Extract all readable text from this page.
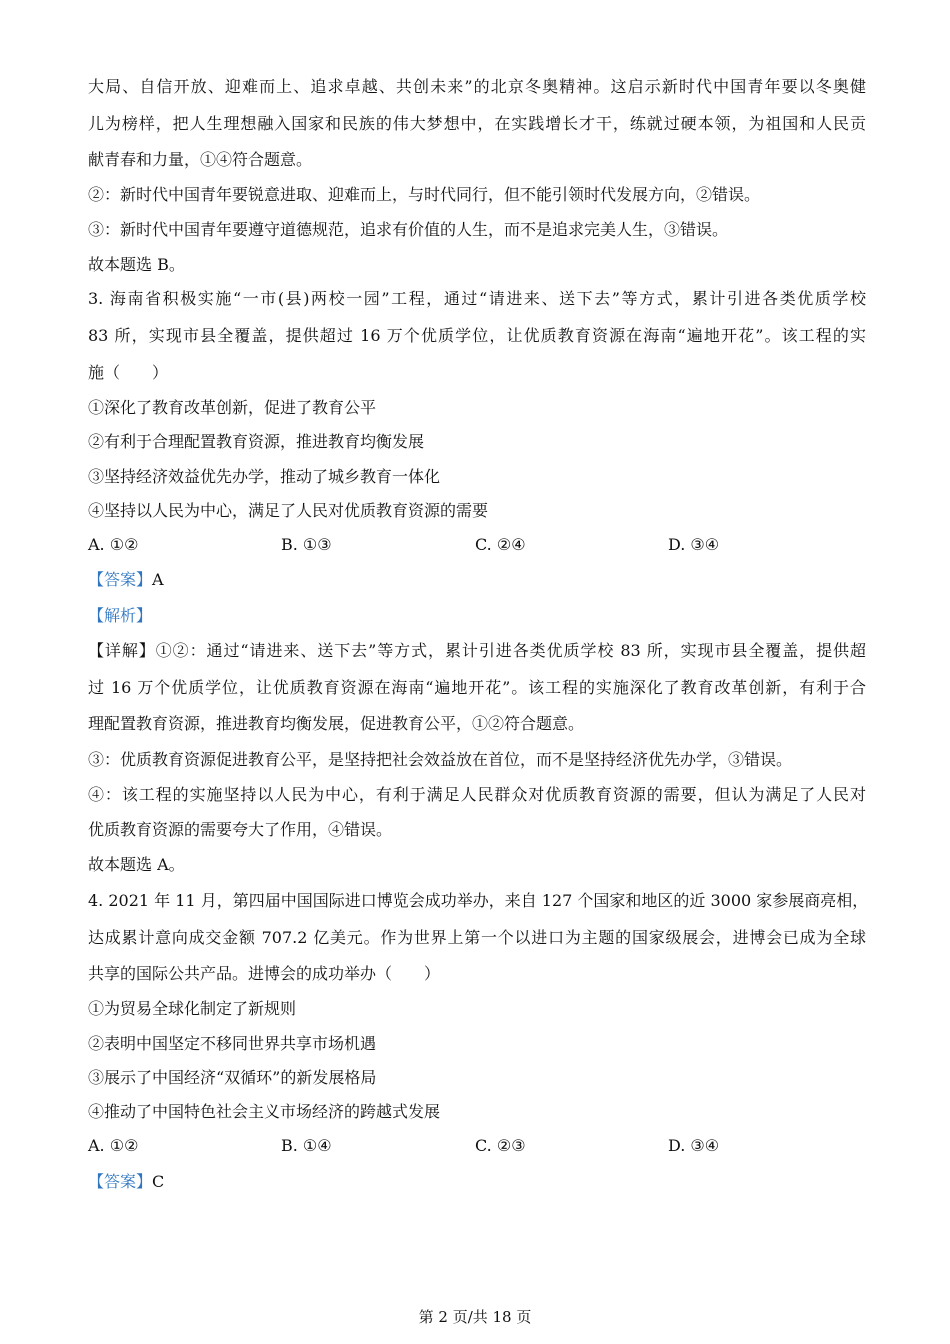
大局、自信开放、迎难而上、追求卓越、共创未来”的北京冬奥精神。这启示新时代中国青年要以冬奥健
儿为榜样，把人生理想融入国家和民族的伟大梦想中，在实践增长才干，练就过硬本领，为祖国和人民贡
献青春和力量，①④符合题意。
②：新时代中国青年要锐意进取、迎难而上，与时代同行，但不能引领时代发展方向，②错误。
③：新时代中国青年要遵守道德规范，追求有价值的人生，而不是追求完美人生，③错误。
故本题选 B。
3. 海南省积极实施“一市(县)两校一园”工程，通过“请进来、送下去”等方式，累计引进各类优质学校
83 所，实现市县全覆盖，提供超过 16 万个优质学位，让优质教育资源在海南“遍地开花”。该工程的实
施（　　）
①深化了教育改革创新，促进了教育公平
②有利于合理配置教育资源，推进教育均衡发展
③坚持经济效益优先办学，推动了城乡教育一体化
④坚持以人民为中心，满足了人民对优质教育资源的需要
A. ①②	B. ①③	C. ②④	D. ③④
【答案】A
【解析】
【详解】①②：通过“请进来、送下去”等方式，累计引进各类优质学校 83 所，实现市县全覆盖，提供超
过 16 万个优质学位，让优质教育资源在海南“遍地开花”。该工程的实施深化了教育改革创新，有利于合
理配置教育资源，推进教育均衡发展，促进教育公平，①②符合题意。
③：优质教育资源促进教育公平，是坚持把社会效益放在首位，而不是坚持经济优先办学，③错误。
④：该工程的实施坚持以人民为中心，有利于满足人民群众对优质教育资源的需要，但认为满足了人民对
优质教育资源的需要夸大了作用，④错误。
故本题选 A。
4. 2021 年 11 月，第四届中国国际进口博览会成功举办，来自 127 个国家和地区的近 3000 家参展商亮相，
达成累计意向成交金额 707.2 亿美元。作为世界上第一个以进口为主题的国家级展会，进博会已成为全球
共享的国际公共产品。进博会的成功举办（　　）
①为贸易全球化制定了新规则
②表明中国坚定不移同世界共享市场机遇
③展示了中国经济“双循环”的新发展格局
④推动了中国特色社会主义市场经济的跨越式发展
A. ①②	B. ①④	C. ②③	D. ③④
【答案】C
第 2 页/共 18 页
